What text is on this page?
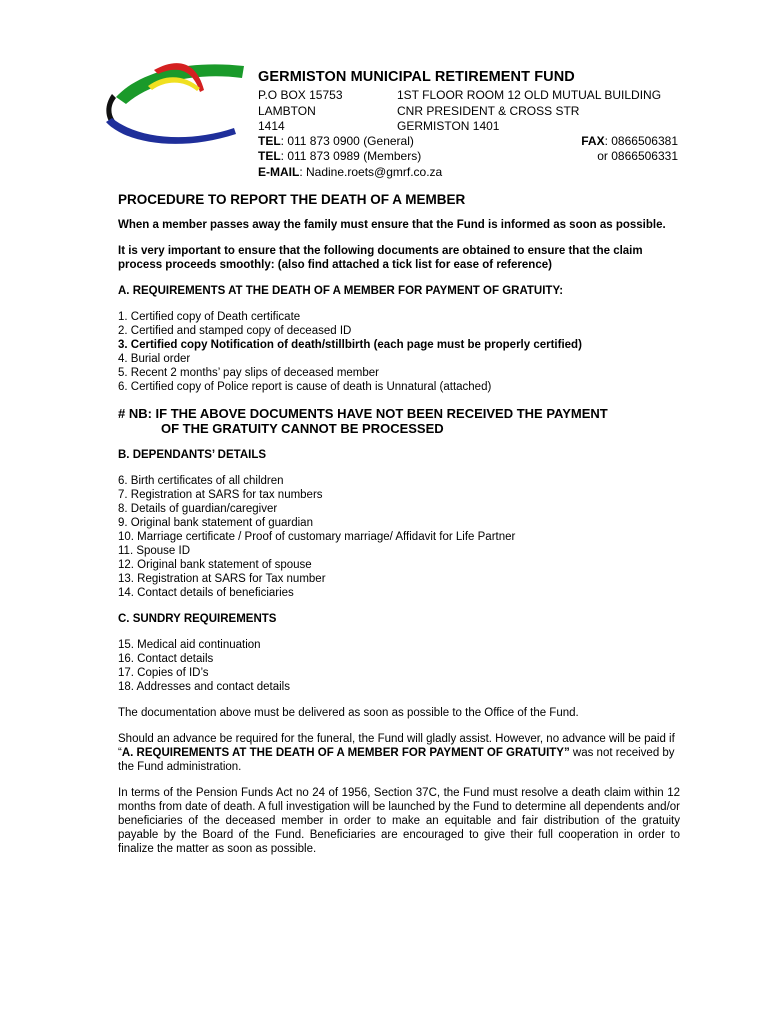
GERMISTON MUNICIPAL RETIREMENT FUND
P.O BOX 15753	1ST FLOOR ROOM 12 OLD MUTUAL BUILDING
LAMBTON	CNR PRESIDENT & CROSS STR
1414	GERMISTON 1401
TEL: 011 873 0900 (General)	FAX: 0866506381
TEL: 011 873 0989 (Members)	or 0866506331
E-MAIL: Nadine.roets@gmrf.co.za
PROCEDURE TO REPORT THE DEATH OF A MEMBER

When a member passes away the family must ensure that the Fund is informed as soon as possible.

It is very important to ensure that the following documents are obtained to ensure that the claim process proceeds smoothly: (also find attached a tick list for ease of reference)

A. REQUIREMENTS AT THE DEATH OF A MEMBER FOR PAYMENT OF GRATUITY:
1. Certified copy of Death certificate
2. Certified and stamped copy of deceased ID
3. Certified copy Notification of death/stillbirth (each page must be properly certified)
4. Burial order
5. Recent 2 months’ pay slips of deceased member
6. Certified copy of Police report is cause of death is Unnatural (attached)
# NB: IF THE ABOVE DOCUMENTS HAVE NOT BEEN RECEIVED THE PAYMENT
OF THE GRATUITY CANNOT BE PROCESSED
B. DEPENDANTS’ DETAILS
6. Birth certificates of all children
7. Registration at SARS for tax numbers
8. Details of guardian/caregiver
9. Original bank statement of guardian
10. Marriage certificate / Proof of customary marriage/ Affidavit for Life Partner
11. Spouse ID
12. Original bank statement of spouse
13. Registration at SARS for Tax number
14. Contact details of beneficiaries
C. SUNDRY REQUIREMENTS
15. Medical aid continuation
16. Contact details
17. Copies of ID’s
18. Addresses and contact details

The documentation above must be delivered as soon as possible to the Office of the Fund.

Should an advance be required for the funeral, the Fund will gladly assist. However, no advance will be paid if “A. REQUIREMENTS AT THE DEATH OF A MEMBER FOR PAYMENT OF GRATUITY” was not received by the Fund administration.

In terms of the Pension Funds Act no 24 of 1956, Section 37C, the Fund must resolve a death claim within 12 months from date of death. A full investigation will be launched by the Fund to determine all dependents and/or beneficiaries of the deceased member in order to make an equitable and fair distribution of the gratuity payable by the Board of the Fund. Beneficiaries are encouraged to give their full cooperation in order to finalize the matter as soon as possible.
